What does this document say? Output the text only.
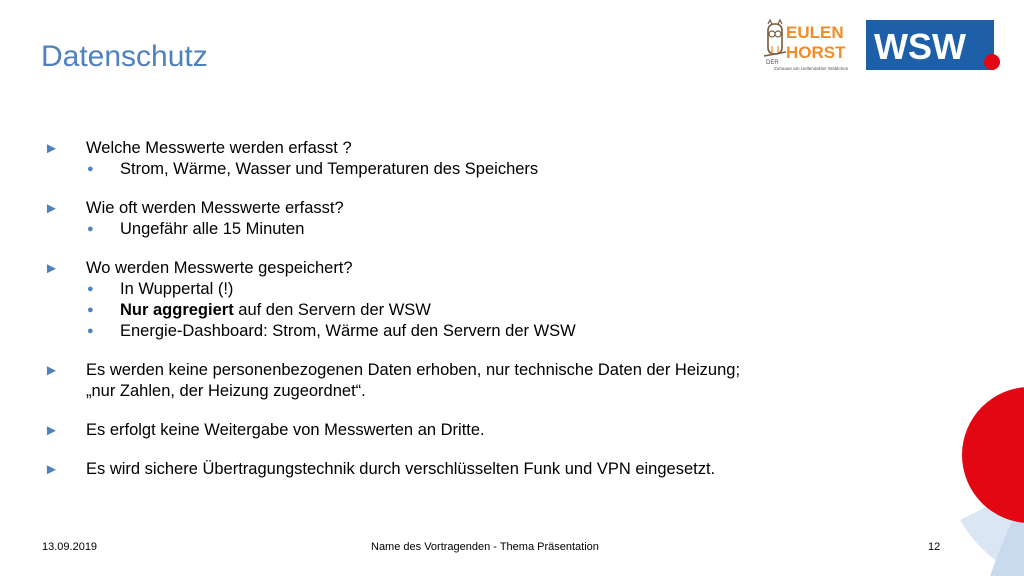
Datenschutz	DER
EULEN
HORST
Zuhause am Uellendahler Wäldchen
WSW
► Welche Messwerte werden erfasst ?
● Strom, Wärme, Wasser und Temperaturen des Speichers
► Wie oft werden Messwerte erfasst?
● Ungefähr alle 15 Minuten
► Wo werden Messwerte gespeichert?
● In Wuppertal (!)
● Nur aggregiert auf den Servern der WSW
● Energie-Dashboard: Strom, Wärme auf den Servern der WSW
► Es werden keine personenbezogenen Daten erhoben, nur technische Daten der Heizung;
„nur Zahlen, der Heizung zugeordnet“.
► Es erfolgt keine Weitergabe von Messwerten an Dritte.
► Es wird sichere Übertragungstechnik durch verschlüsselten Funk und VPN eingesetzt.
13.09.2019	Name des Vortragenden - Thema Präsentation	12
